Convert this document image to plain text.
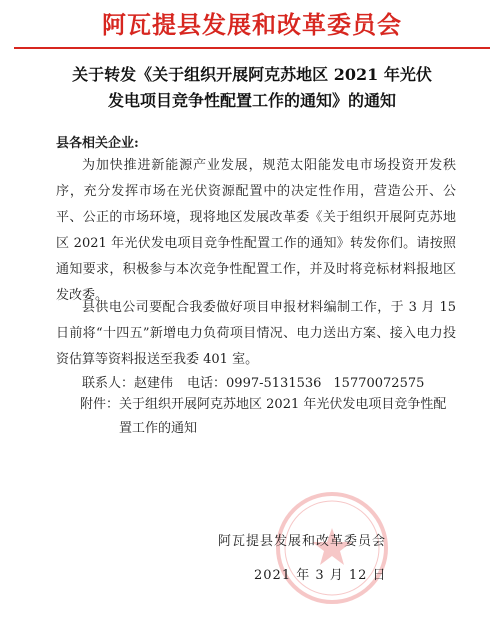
阿瓦提县发展和改革委员会
关于转发《关于组织开展阿克苏地区 2021 年光伏
发电项目竞争性配置工作的通知》的通知
县各相关企业:

为加快推进新能源产业发展，规范太阳能发电市场投资开发秩序，充分发挥市场在光伏资源配置中的决定性作用，营造公开、公平、公正的市场环境，现将地区发展改革委《关于组织开展阿克苏地区 2021 年光伏发电项目竞争性配置工作的通知》转发你们。请按照通知要求，积极参与本次竞争性配置工作，并及时将竞标材料报地区发改委。

县供电公司要配合我委做好项目申报材料编制工作，于 3 月 15 日前将“十四五”新增电力负荷项目情况、电力送出方案、接入电力投资估算等资料报送至我委 401 室。

联系人：赵建伟 电话：0997-5131536 15770072575
附件： 关于组织开展阿克苏地区 2021 年光伏发电项目竞争性配置工作的通知
阿瓦提县发展和改革委员会
2021 年 3 月 12 日
